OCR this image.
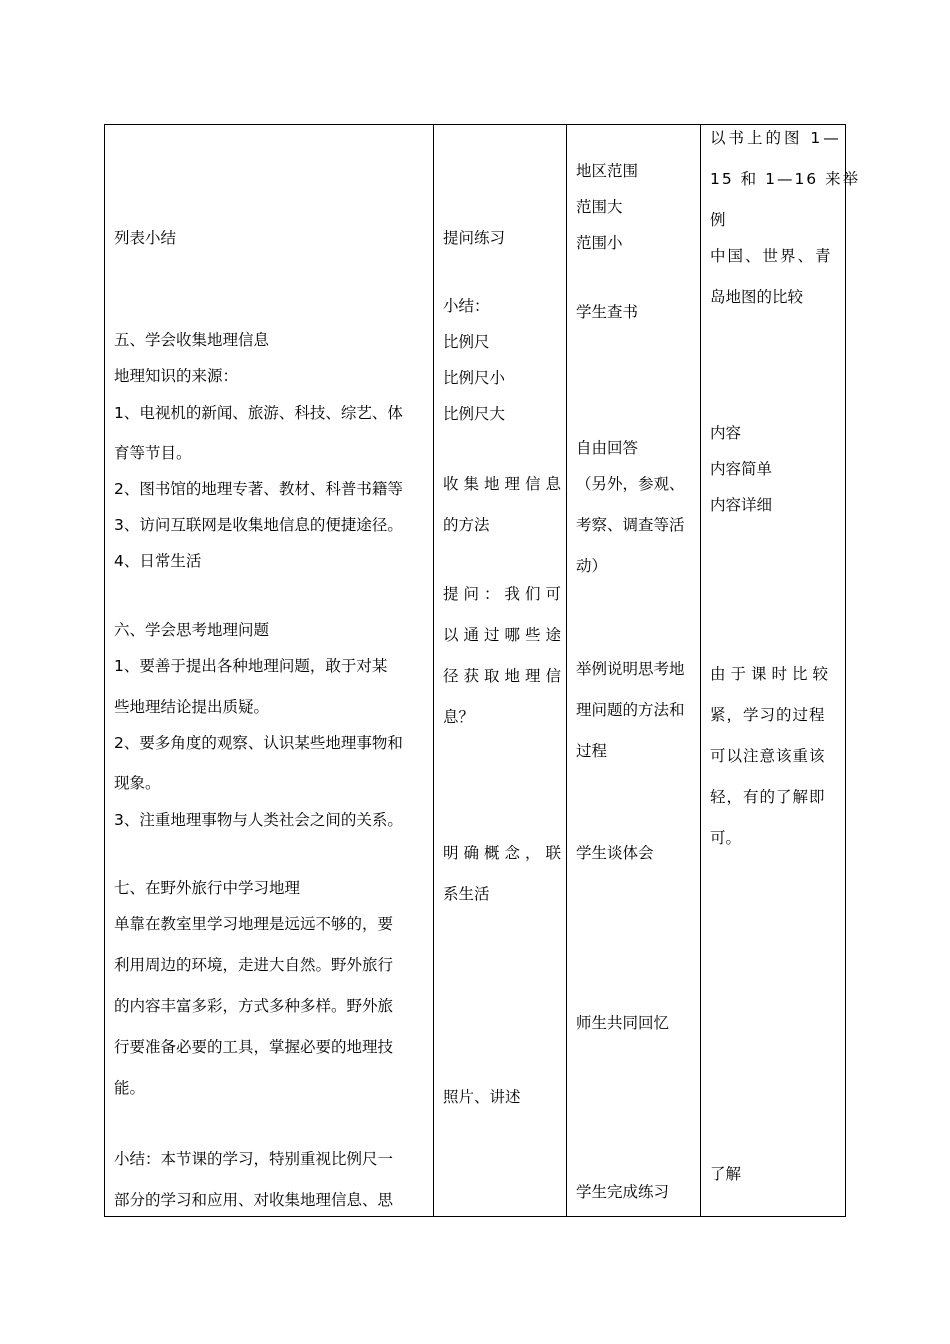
列表小结
五、学会收集地理信息
地理知识的来源：
1、电视机的新闻、旅游、科技、综艺、体
育等节目。
2、图书馆的地理专著、教材、科普书籍等
3、访问互联网是收集地信息的便捷途径。
4、日常生活
六、学会思考地理问题
1、要善于提出各种地理问题，敢于对某
些地理结论提出质疑。
2、要多角度的观察、认识某些地理事物和
现象。
3、注重地理事物与人类社会之间的关系。
七、在野外旅行中学习地理
单靠在教室里学习地理是远远不够的，要
利用周边的环境，走进大自然。野外旅行
的内容丰富多彩，方式多种多样。野外旅
行要准备必要的工具，掌握必要的地理技
能。
小结：本节课的学习，特别重视比例尺一
部分的学习和应用、对收集地理信息、思
提问练习
小结：
比例尺
比例尺小
比例尺大
收集地理信息
的方法
提问：我们可
以通过哪些途
径获取地理信
息？
明确概念，联
系生活
照片、讲述
地区范围
范围大
范围小
学生查书
自由回答
（另外，参观、
考察、调查等活
动）
举例说明思考地
理问题的方法和
过程
学生谈体会
师生共同回忆
学生完成练习
以书上的图 1—
15 和 1—16 来举
例
中国、世界、青
岛地图的比较
内容
内容简单
内容详细
由于课时比较
紧，学习的过程
可以注意该重该
轻，有的了解即
可。
了解
